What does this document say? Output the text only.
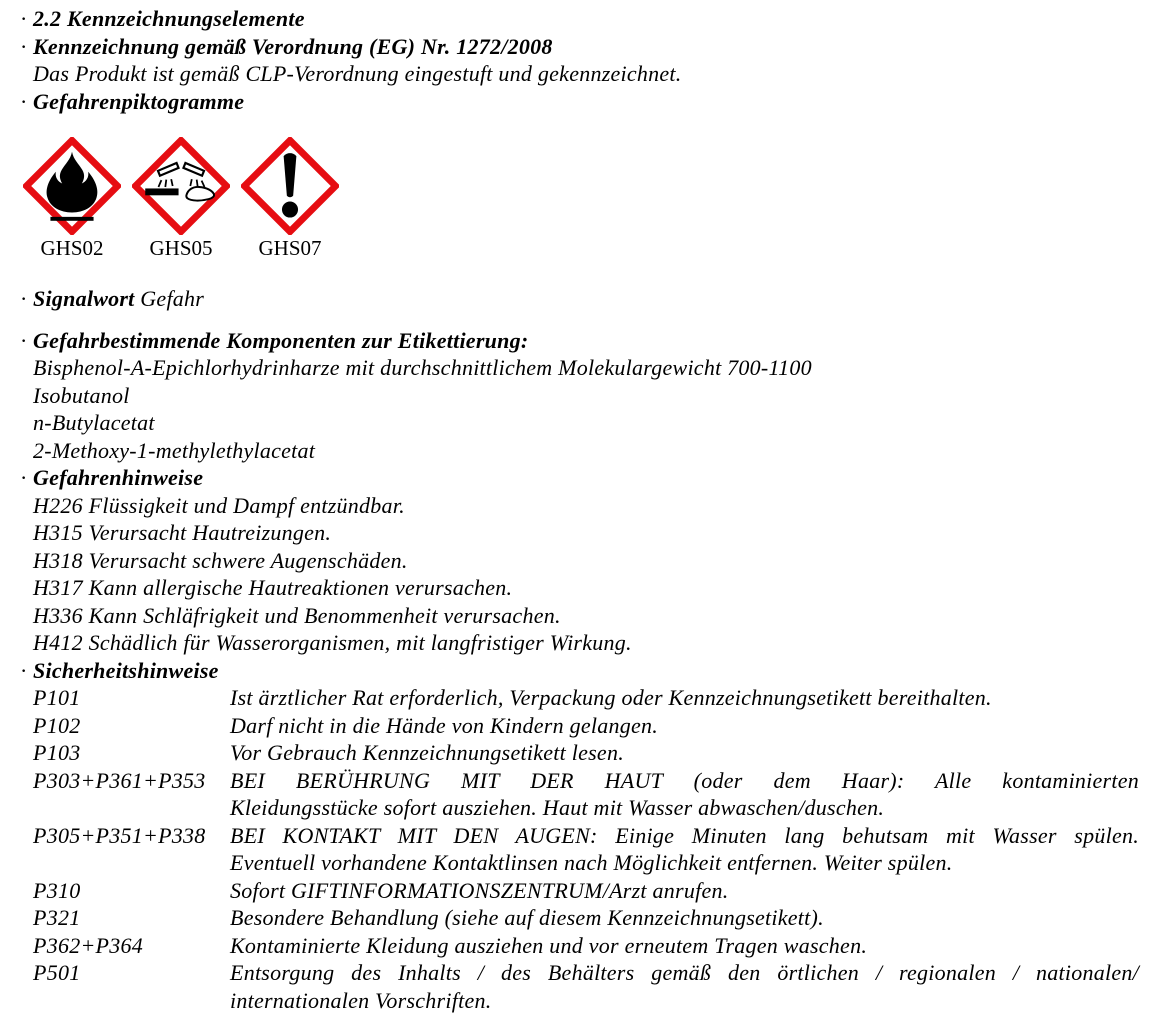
· 2.2 Kennzeichnungselemente
· Kennzeichnung gemäß Verordnung (EG) Nr. 1272/2008
Das Produkt ist gemäß CLP-Verordnung eingestuft und gekennzeichnet.
· Gefahrenpiktogramme
GHS02	GHS05	GHS07
· Signalwort Gefahr
· Gefahrbestimmende Komponenten zur Etikettierung:
Bisphenol-A-Epichlorhydrinharze mit durchschnittlichem Molekulargewicht 700-1100
Isobutanol
n-Butylacetat
2-Methoxy-1-methylethylacetat
· Gefahrenhinweise
H226 Flüssigkeit und Dampf entzündbar.
H315 Verursacht Hautreizungen.
H318 Verursacht schwere Augenschäden.
H317 Kann allergische Hautreaktionen verursachen.
H336 Kann Schläfrigkeit und Benommenheit verursachen.
H412 Schädlich für Wasserorganismen, mit langfristiger Wirkung.
· Sicherheitshinweise
P101	Ist ärztlicher Rat erforderlich, Verpackung oder Kennzeichnungsetikett bereithalten.
P102	Darf nicht in die Hände von Kindern gelangen.
P103	Vor Gebrauch Kennzeichnungsetikett lesen.
P303+P361+P353	BEI BERÜHRUNG MIT DER HAUT (oder dem Haar): Alle kontaminierten
Kleidungsstücke sofort ausziehen. Haut mit Wasser abwaschen/duschen.
P305+P351+P338	BEI KONTAKT MIT DEN AUGEN: Einige Minuten lang behutsam mit Wasser spülen.
Eventuell vorhandene Kontaktlinsen nach Möglichkeit entfernen. Weiter spülen.
P310	Sofort GIFTINFORMATIONSZENTRUM/Arzt anrufen.
P321	Besondere Behandlung (siehe auf diesem Kennzeichnungsetikett).
P362+P364	Kontaminierte Kleidung ausziehen und vor erneutem Tragen waschen.
P501	Entsorgung des Inhalts / des Behälters gemäß den örtlichen / regionalen / nationalen/
internationalen Vorschriften.
